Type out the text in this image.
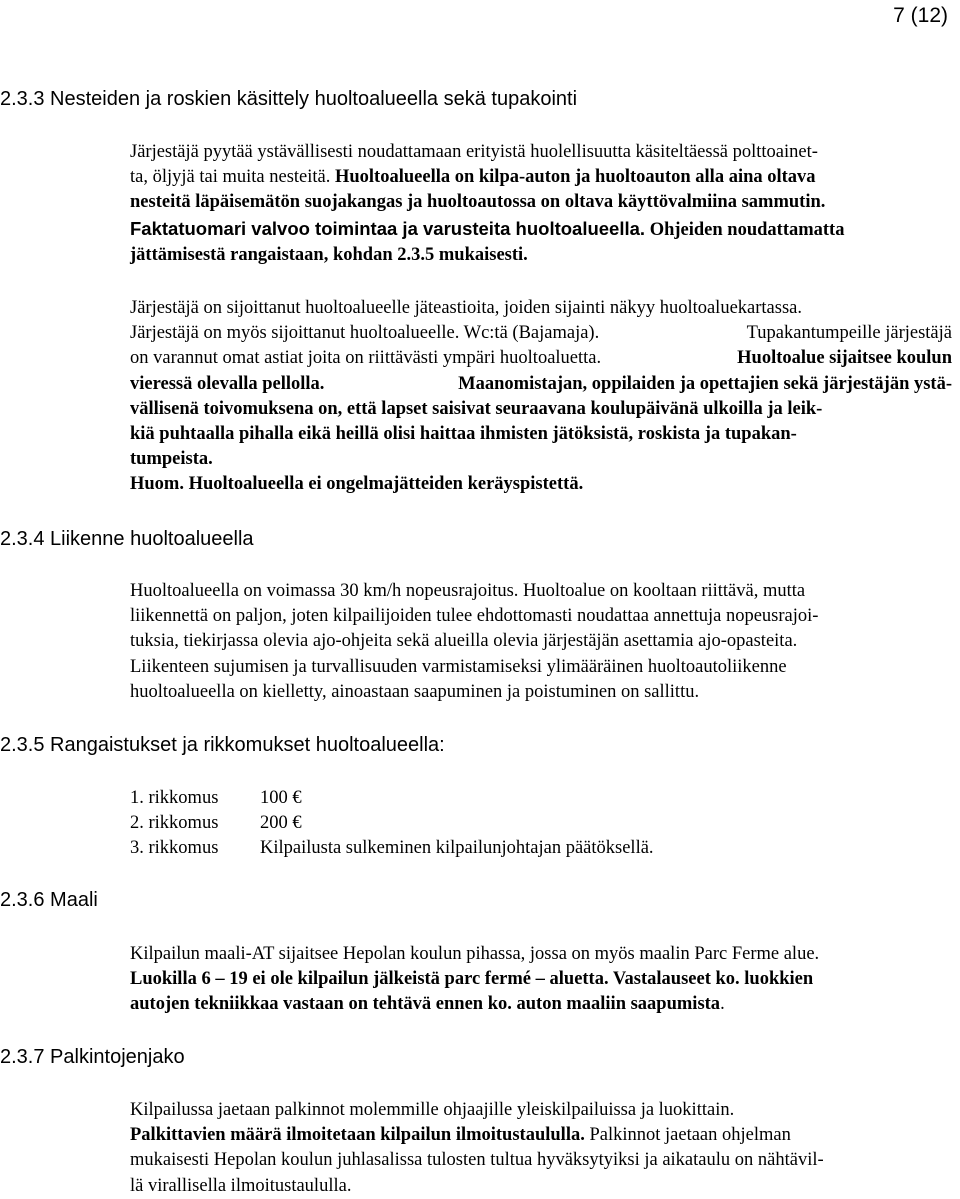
7 (12)
2.3.3 Nesteiden ja roskien käsittely huoltoalueella sekä tupakointi
Järjestäjä pyytää ystävällisesti noudattamaan erityistä huolellisuutta käsiteltäessä polttoainet-
ta, öljyjä tai muita nesteitä. Huoltoalueella on kilpa-auton ja huoltoauton alla aina oltava
nesteitä läpäisemätön suojakangas ja huoltoautossa on oltava käyttövalmiina sammutin.
Faktatuomari valvoo toimintaa ja varusteita huoltoalueella. Ohjeiden noudattamatta
jättämisestä rangaistaan, kohdan 2.3.5 mukaisesti.
Järjestäjä on sijoittanut huoltoalueelle jäteastioita, joiden sijainti näkyy huoltoaluekartassa.
Järjestäjä on myös sijoittanut huoltoalueelle. Wc:tä (Bajamaja).	Tupakantumpeille järjestäjä
on varannut omat astiat joita on riittävästi ympäri huoltoaluetta.	Huoltoalue sijaitsee koulun
vieressä olevalla pellolla.	Maanomistajan, oppilaiden ja opettajien sekä järjestäjän ystä-
vällisenä toivomuksena on, että lapset saisivat seuraavana koulupäivänä ulkoilla ja leik-
kiä puhtaalla pihalla eikä heillä olisi haittaa ihmisten jätöksistä, roskista ja tupakan-
tumpeista.
Huom. Huoltoalueella ei ongelmajätteiden keräyspistettä.
2.3.4 Liikenne huoltoalueella
Huoltoalueella on voimassa 30 km/h nopeusrajoitus. Huoltoalue on kooltaan riittävä, mutta
liikennettä on paljon, joten kilpailijoiden tulee ehdottomasti noudattaa annettuja nopeusrajoi-
tuksia, tiekirjassa olevia ajo-ohjeita sekä alueilla olevia järjestäjän asettamia ajo-opasteita.
Liikenteen sujumisen ja turvallisuuden varmistamiseksi ylimääräinen huoltoautoliikenne
huoltoalueella on kielletty, ainoastaan saapuminen ja poistuminen on sallittu.
2.3.5 Rangaistukset ja rikkomukset huoltoalueella:
1. rikkomus	100 €
2. rikkomus	200 €
3. rikkomus	Kilpailusta sulkeminen kilpailunjohtajan päätöksellä.
2.3.6 Maali
Kilpailun maali-AT sijaitsee Hepolan koulun pihassa, jossa on myös maalin Parc Ferme alue.
Luokilla 6 – 19 ei ole kilpailun jälkeistä parc fermé – aluetta. Vastalauseet ko. luokkien
autojen tekniikkaa vastaan on tehtävä ennen ko. auton maaliin saapumista.
2.3.7 Palkintojenjako
Kilpailussa jaetaan palkinnot molemmille ohjaajille yleiskilpailuissa ja luokittain.
Palkittavien määrä ilmoitetaan kilpailun ilmoitustaululla. Palkinnot jaetaan ohjelman
mukaisesti Hepolan koulun juhlasalissa tulosten tultua hyväksytyiksi ja aikataulu on nähtävil-
lä virallisella ilmoitustaululla.
